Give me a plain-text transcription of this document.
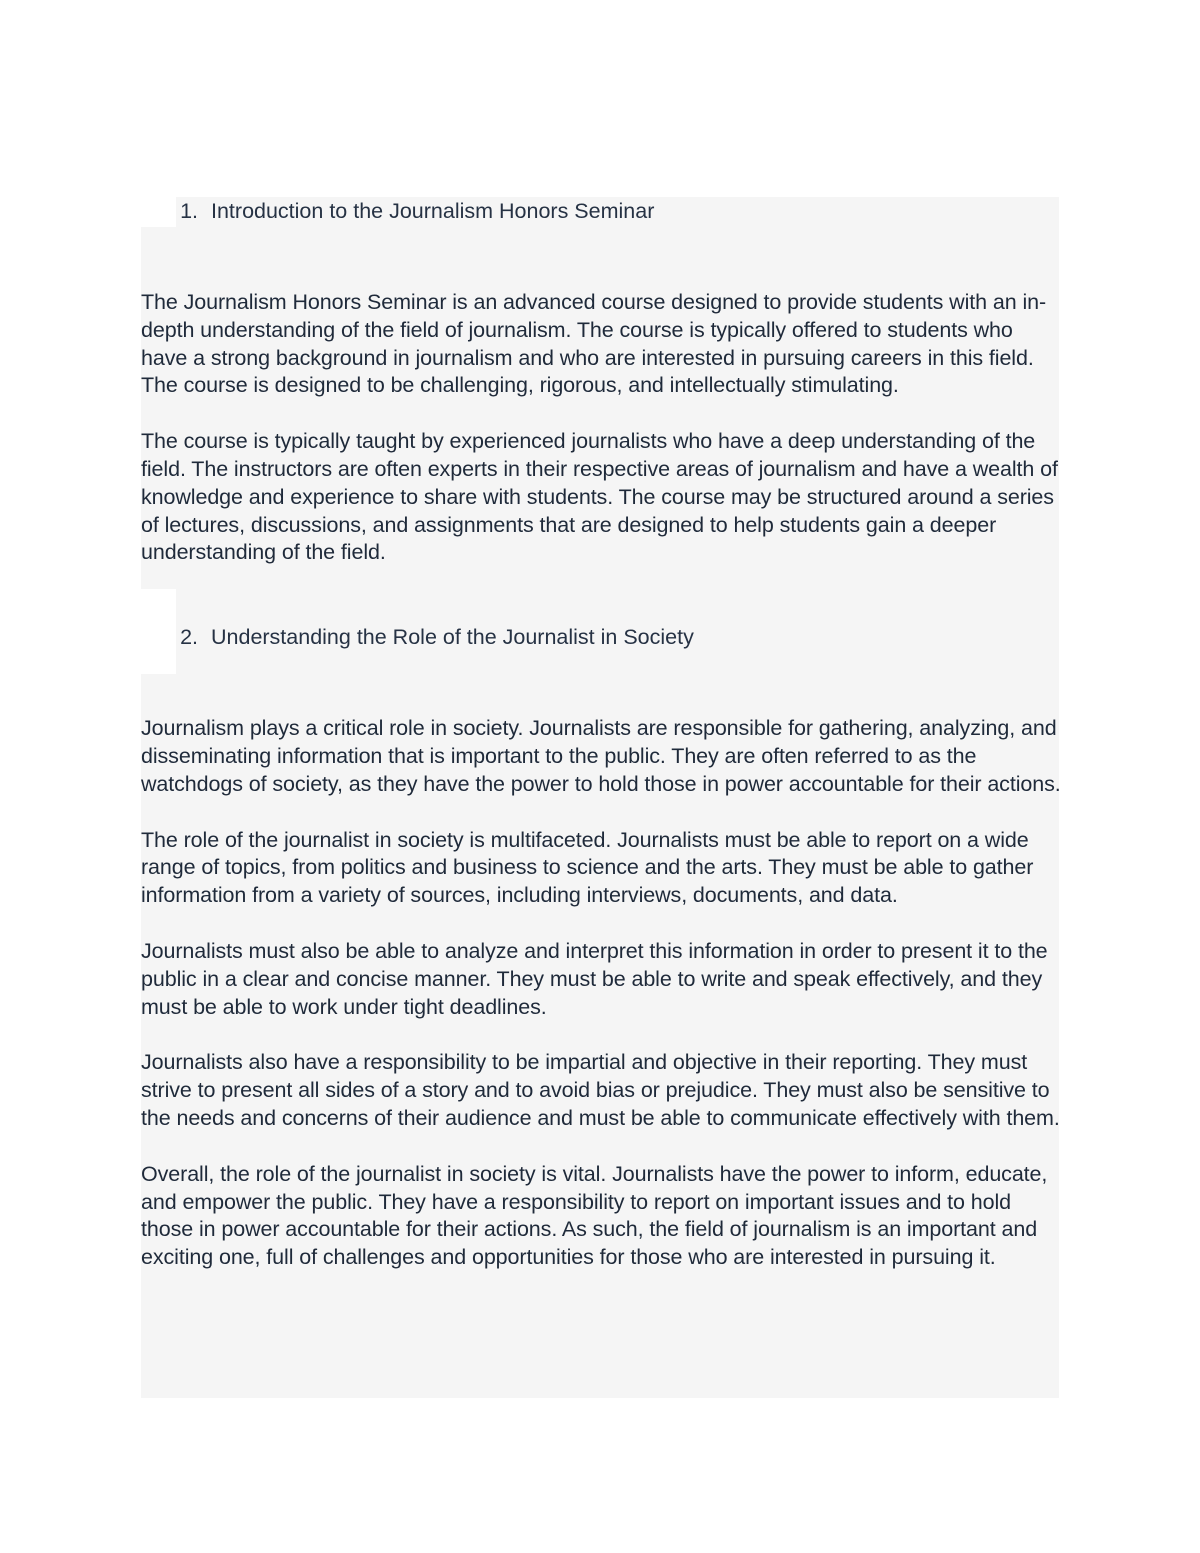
1. Introduction to the Journalism Honors Seminar

The Journalism Honors Seminar is an advanced course designed to provide students with an in-depth understanding of the field of journalism. The course is typically offered to students who have a strong background in journalism and who are interested in pursuing careers in this field. The course is designed to be challenging, rigorous, and intellectually stimulating.

The course is typically taught by experienced journalists who have a deep understanding of the field. The instructors are often experts in their respective areas of journalism and have a wealth of knowledge and experience to share with students. The course may be structured around a series of lectures, discussions, and assignments that are designed to help students gain a deeper understanding of the field.

2. Understanding the Role of the Journalist in Society

Journalism plays a critical role in society. Journalists are responsible for gathering, analyzing, and disseminating information that is important to the public. They are often referred to as the watchdogs of society, as they have the power to hold those in power accountable for their actions.

The role of the journalist in society is multifaceted. Journalists must be able to report on a wide range of topics, from politics and business to science and the arts. They must be able to gather information from a variety of sources, including interviews, documents, and data.

Journalists must also be able to analyze and interpret this information in order to present it to the public in a clear and concise manner. They must be able to write and speak effectively, and they must be able to work under tight deadlines.

Journalists also have a responsibility to be impartial and objective in their reporting. They must strive to present all sides of a story and to avoid bias or prejudice. They must also be sensitive to the needs and concerns of their audience and must be able to communicate effectively with them.

Overall, the role of the journalist in society is vital. Journalists have the power to inform, educate, and empower the public. They have a responsibility to report on important issues and to hold those in power accountable for their actions. As such, the field of journalism is an important and exciting one, full of challenges and opportunities for those who are interested in pursuing it.
